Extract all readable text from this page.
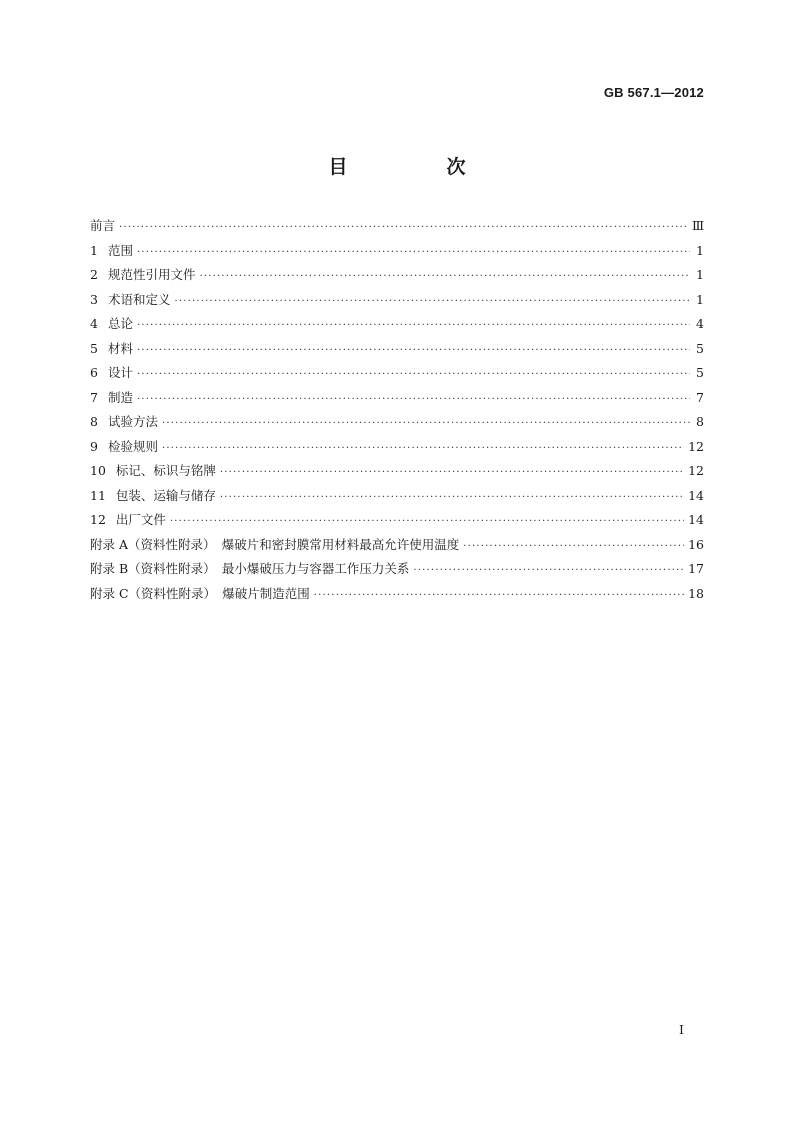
GB 567.1—2012
目　次
前言 ·····	Ⅲ
1 范围 ·····	1
2 规范性引用文件 ·····	1
3 术语和定义 ·····	1
4 总论 ·····	4
5 材料 ·····	5
6 设计 ·····	5
7 制造 ·····	7
8 试验方法 ·····	8
9 检验规则 ·····	12
10 标记、标识与铭牌 ·····	12
11 包装、运输与储存 ·····	14
12 出厂文件 ·····	14
附录 A（资料性附录）　爆破片和密封膜常用材料最高允许使用温度 ·····	16
附录 B（资料性附录）　最小爆破压力与容器工作压力关系 ·····	17
附录 C（资料性附录）　爆破片制造范围 ·····	18
I
